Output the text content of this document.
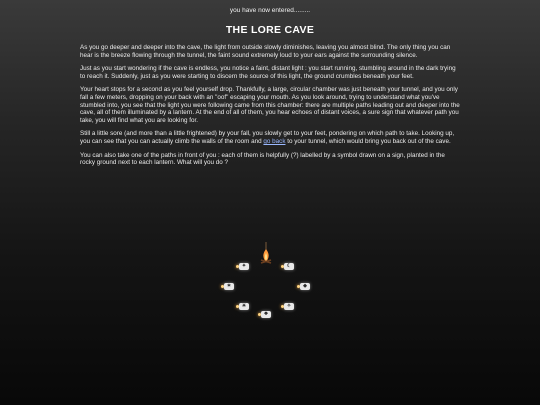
you have now entered.........
THE LORE CAVE

As you go deeper and deeper into the cave, the light from outside slowly diminishes, leaving you almost blind. The only thing you can hear is the breeze flowing through the tunnel, the faint sound extremely loud to your ears against the surrounding silence.

Just as you start wondering if the cave is endless, you notice a faint, distant light : you start running, stumbling around in the dark trying to reach it. Suddenly, just as you were starting to discern the source of this light, the ground crumbles beneath your feet.

Your heart stops for a second as you feel yourself drop. Thankfully, a large, circular chamber was just beneath your tunnel, and you only fall a few meters, dropping on your back with an "oof" escaping your mouth. As you look around, trying to understand what you've stumbled into, you see that the light you were following came from this chamber: there are multiple paths leading out and deeper into the cave, all of them illuminated by a lantern. At the end of all of them, you hear echoes of distant voices, a sure sign that whatever path you take, you will find what you are looking for.

Still a little sore (and more than a little frightened) by your fall, you slowly get to your feet, pondering on which path to take. Looking up, you can see that you can actually climb the walls of the room and go back to your tunnel, which would bring you back out of the cave.

You can also take one of the paths in front of you : each of them is helpfully (?) labelled by a symbol drawn on a sign, planted in the rocky ground next to each lantern. What will you do ?

✦	☾
✶	◈
☀	✧
❖
